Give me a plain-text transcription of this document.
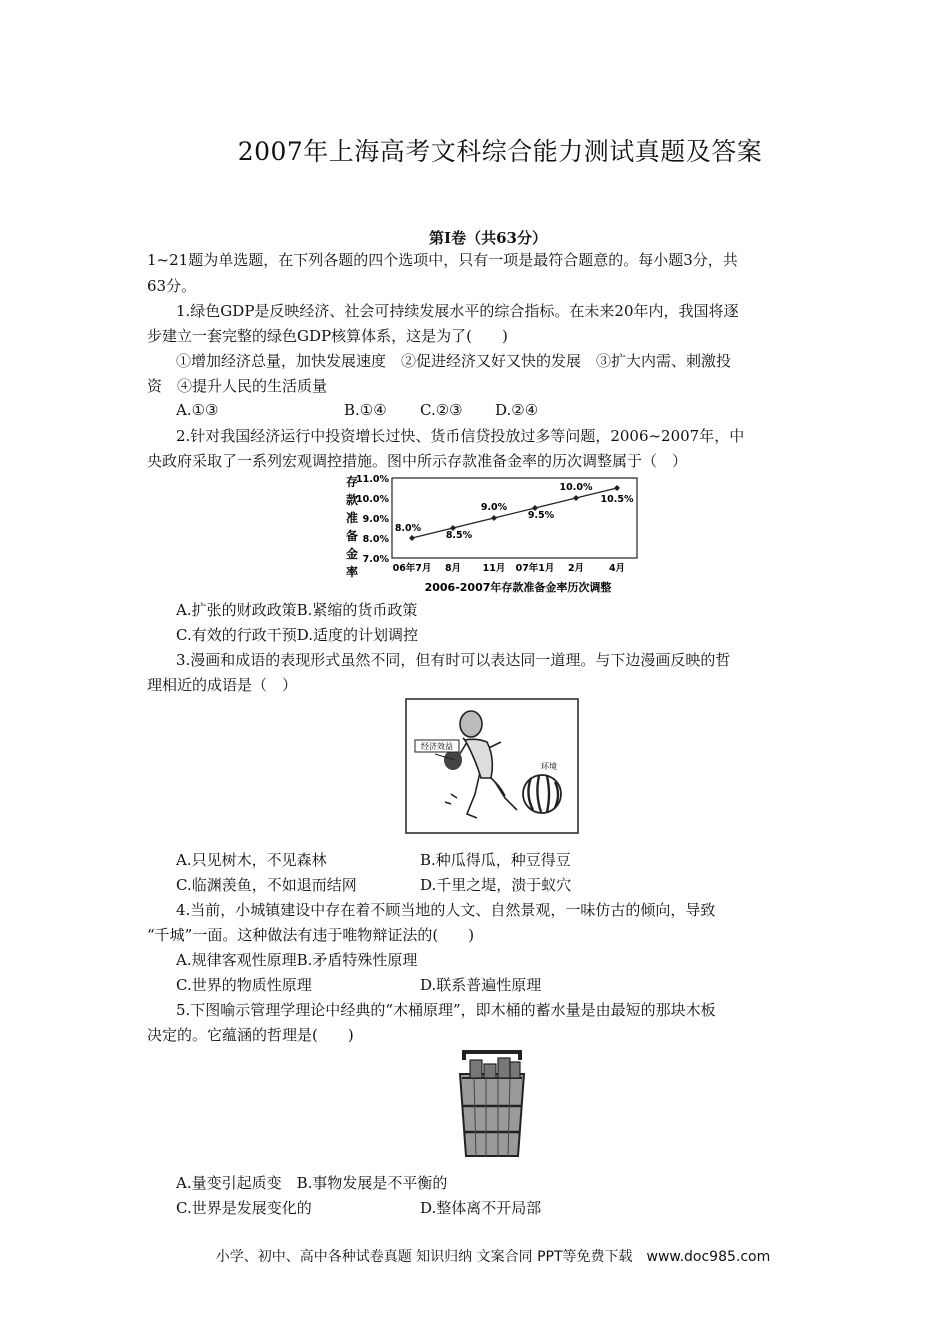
2007年上海高考文科综合能力测试真题及答案
第Ⅰ卷（共63分）
1~21题为单选题，在下列各题的四个选项中，只有一项是最符合题意的。每小题3分，共
63分。
1.绿色GDP是反映经济、社会可持续发展水平的综合指标。在未来20年内，我国将逐
步建立一套完整的绿色GDP核算体系，这是为了(　　)
①增加经济总量，加快发展速度　②促进经济又好又快的发展　③扩大内需、刺激投
资　④提升人民的生活质量
A.①③	B.①④ C.②③ D.②④
2.针对我国经济运行中投资增长过快、货币信贷投放过多等问题，2006~2007年，中
央政府采取了一系列宏观调控措施。图中所示存款准备金率的历次调整属于（　）
存
款
准
备
金
率
11.0%
10.0%
9.0%
8.0%
7.0%
06年7月 8月 11月 07年1月 2月	4月
8.0%
8.5%
9.0%
9.5%
10.0%
10.5%
2006-2007年存款准备金率历次调整
A.扩张的财政政策B.紧缩的货币政策
C.有效的行政干预D.适度的计划调控
3.漫画和成语的表现形式虽然不同，但有时可以表达同一道理。与下边漫画反映的哲
理相近的成语是（　）
经济效益
环境
A.只见树木，不见森林	B.种瓜得瓜，种豆得豆
C.临渊羡鱼，不如退而结网	D.千里之堤，溃于蚁穴
4.当前，小城镇建设中存在着不顾当地的人文、自然景观，一味仿古的倾向，导致
“千城”一面。这种做法有违于唯物辩证法的(　　)
A.规律客观性原理B.矛盾特殊性原理
C.世界的物质性原理	D.联系普遍性原理
5.下图喻示管理学理论中经典的“木桶原理”，即木桶的蓄水量是由最短的那块木板
决定的。它蕴涵的哲理是(　　)
A.量变引起质变　B.事物发展是不平衡的
C.世界是发展变化的	D.整体离不开局部
小学、初中、高中各种试卷真题 知识归纳 文案合同 PPT等免费下载　www.doc985.com
